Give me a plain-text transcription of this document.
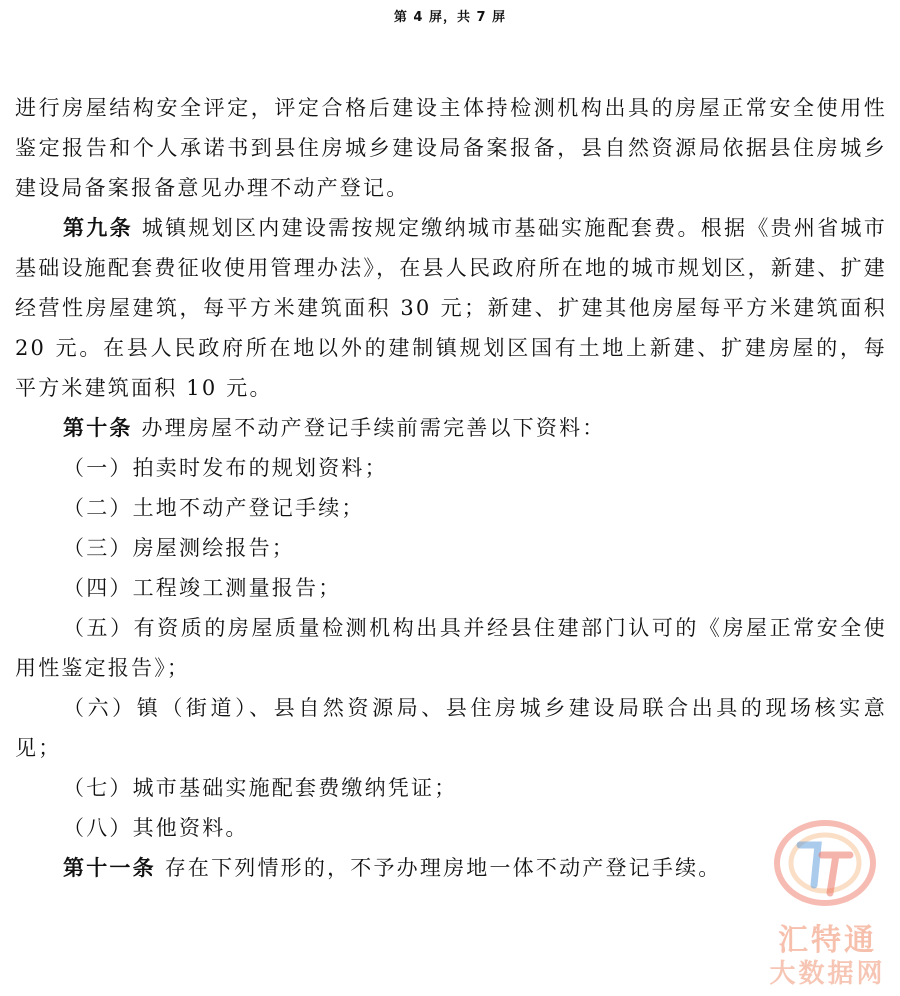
第 4 屏，共 7 屏

进行房屋结构安全评定，评定合格后建设主体持检测机构出具的房屋正常安全使用性鉴定报告和个人承诺书到县住房城乡建设局备案报备，县自然资源局依据县住房城乡建设局备案报备意见办理不动产登记。

第九条 城镇规划区内建设需按规定缴纳城市基础实施配套费。根据《贵州省城市基础设施配套费征收使用管理办法》，在县人民政府所在地的城市规划区，新建、扩建经营性房屋建筑，每平方米建筑面积 30 元；新建、扩建其他房屋每平方米建筑面积 20 元。在县人民政府所在地以外的建制镇规划区国有土地上新建、扩建房屋的，每平方米建筑面积 10 元。

第十条 办理房屋不动产登记手续前需完善以下资料：

（一）拍卖时发布的规划资料；

（二）土地不动产登记手续；

（三）房屋测绘报告；

（四）工程竣工测量报告；

（五）有资质的房屋质量检测机构出具并经县住建部门认可的《房屋正常安全使用性鉴定报告》；

（六）镇（街道）、县自然资源局、县住房城乡建设局联合出具的现场核实意见；

（七）城市基础实施配套费缴纳凭证；

（八）其他资料。

第十一条 存在下列情形的，不予办理房地一体不动产登记手续。

汇特通
大数据网
